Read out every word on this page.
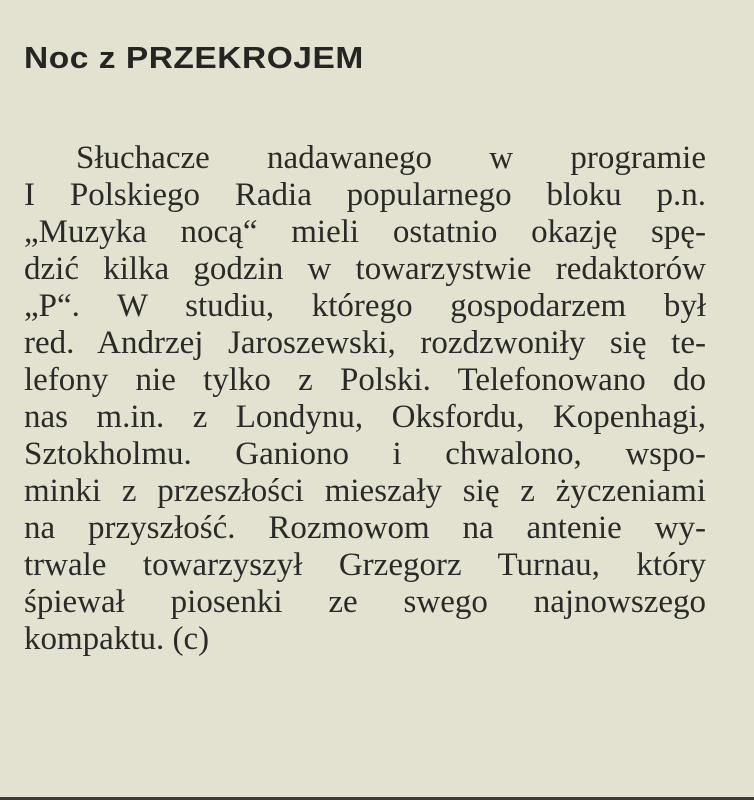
Noc z PRZEKROJEM
Słuchacze nadawanego w programie
I Polskiego Radia popularnego bloku p.n.
„Muzyka nocą“ mieli ostatnio okazję spę-
dzić kilka godzin w towarzystwie redaktorów
„P“. W studiu, którego gospodarzem był
red. Andrzej Jaroszewski, rozdzwoniły się te-
lefony nie tylko z Polski. Telefonowano do
nas m.in. z Londynu, Oksfordu, Kopenhagi,
Sztokholmu. Ganiono i chwalono, wspo-
minki z przeszłości mieszały się z życzeniami
na przyszłość. Rozmowom na antenie wy-
trwale towarzyszył Grzegorz Turnau, który
śpiewał piosenki ze swego najnowszego
kompaktu. (c)
